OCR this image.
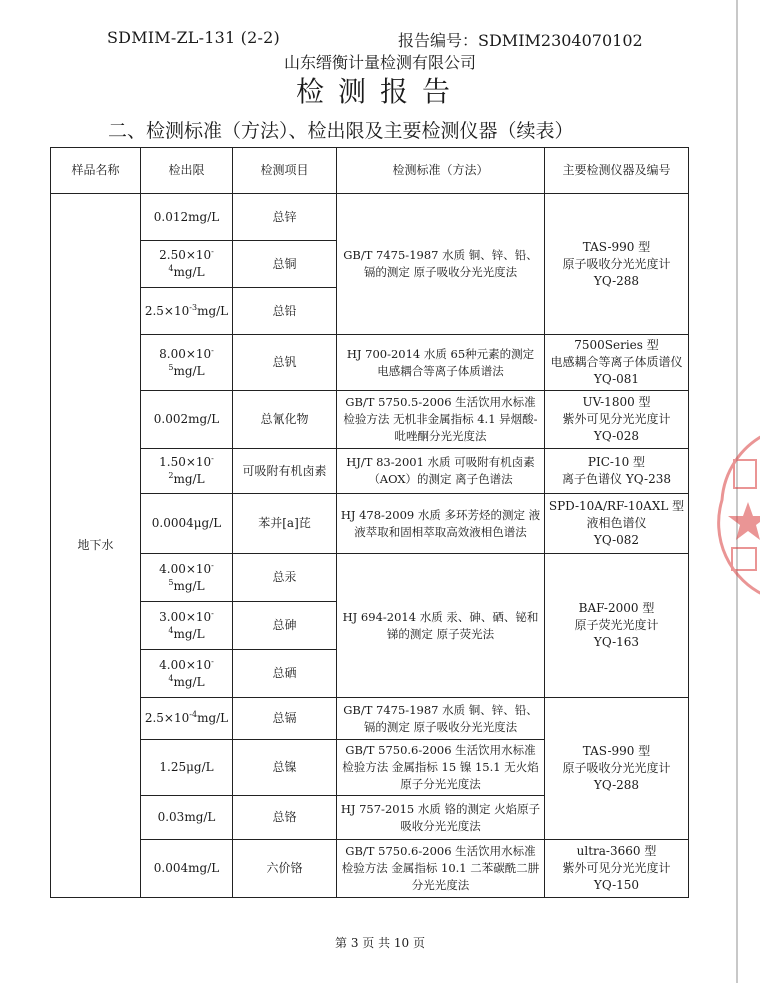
SDMIM-ZL-131 (2-2)	报告编号：SDMIM2304070102
山东缙衡计量检测有限公司
检测报告
二、检测标准（方法）、检出限及主要检测仪器（续表）
样品名称	检出限	检测项目	检测标准（方法）	主要检测仪器及编号
地下水	0.012mg/L	总锌	GB/T 7475-1987 水质 铜、锌、铅、镉的测定 原子吸收分光光度法	TAS-990 型
原子吸收分光光度计
YQ-288
	$2.50\times 10^{-4}mg/L$	总铜		
	$2.5\times 10^{-3}mg/L$	总铅		
	$8.00\times 10^{-5}mg/L$	总钒	HJ 700-2014 水质 65种元素的测定 电感耦合等离子体质谱法	7500Series 型
电感耦合等离子体质谱仪 YQ-081
	0.002mg/L	总氰化物	GB/T 5750.5-2006 生活饮用水标准检验方法 无机非金属指标 4.1 异烟酸-吡唑酮分光光度法	UV-1800 型
紫外可见分光光度计
YQ-028
	$1.50\times 10^{-2}mg/L$	可吸附有机卤素	HJ/T 83-2001 水质 可吸附有机卤素（AOX）的测定 离子色谱法	PIC-10 型
离子色谱仪 YQ-238
	0.0004μg/L	苯并[a]芘	HJ 478-2009 水质 多环芳烃的测定 液液萃取和固相萃取高效液相色谱法	SPD-10A/RF-10AXL 型
液相色谱仪
YQ-082
	$4.00\times 10^{-5}mg/L$	总汞	HJ 694-2014 水质 汞、砷、硒、铋和锑的测定 原子荧光法	BAF-2000 型
原子荧光光度计
YQ-163
	$3.00\times 10^{-4}mg/L$	总砷		
	$4.00\times 10^{-4}mg/L$	总硒		
	$2.5\times 10^{-4}mg/L$	总镉	GB/T 7475-1987 水质 铜、锌、铅、镉的测定 原子吸收分光光度法	TAS-990 型
原子吸收分光光度计
YQ-288
	1.25μg/L	总镍	GB/T 5750.6-2006 生活饮用水标准检验方法 金属指标 15 镍 15.1 无火焰原子分光光度法	
	0.03mg/L	总铬	HJ 757-2015 水质 铬的测定 火焰原子吸收分光光度法	
	0.004mg/L	六价铬	GB/T 5750.6-2006 生活饮用水标准检验方法 金属指标 10.1 二苯碳酰二肼分光光度法	ultra-3660 型
紫外可见分光光度计
YQ-150
第 3 页 共 10 页
